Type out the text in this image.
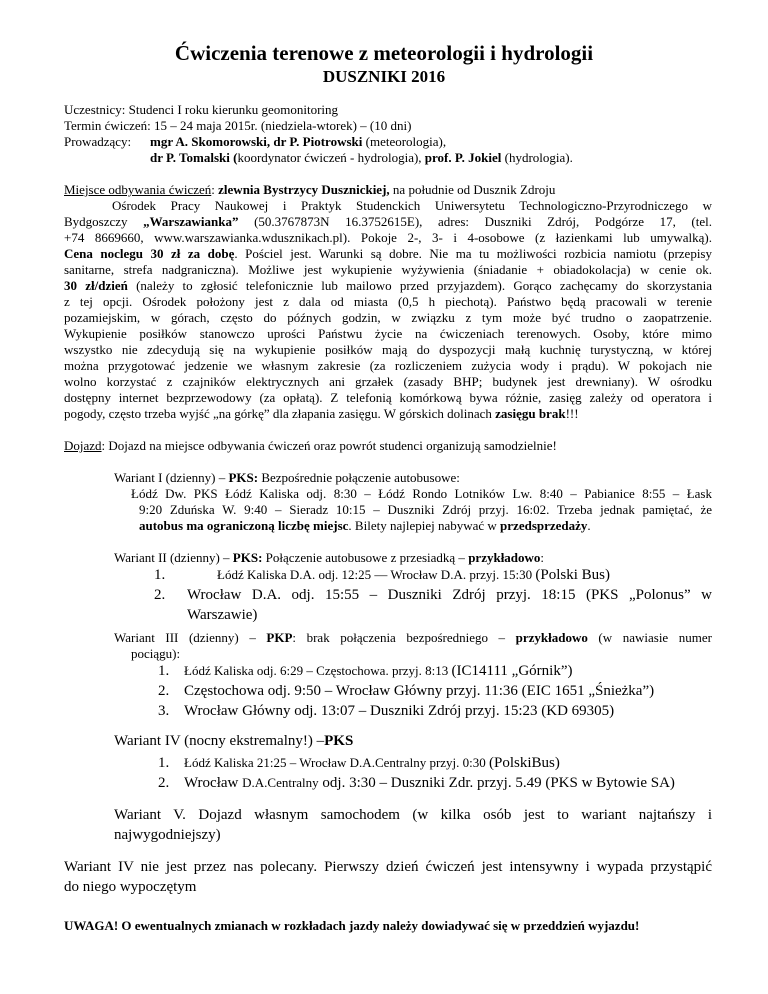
Ćwiczenia terenowe z meteorologii i hydrologii
DUSZNIKI 2016
Uczestnicy: Studenci I roku kierunku geomonitoring
Termin ćwiczeń: 15 – 24 maja 2015r. (niedziela-wtorek) – (10 dni)
Prowadzący: mgr A. Skomorowski, dr P. Piotrowski (meteorologia),
dr P. Tomalski (koordynator ćwiczeń - hydrologia), prof. P. Jokiel (hydrologia).
Miejsce odbywania ćwiczeń: zlewnia Bystrzycy Dusznickiej, na południe od Dusznik Zdroju
Ośrodek Pracy Naukowej i Praktyk Studenckich Uniwersytetu Technologiczno-Przyrodniczego w
Bydgoszczy „Warszawianka” (50.3767873N 16.3752615E), adres: Duszniki Zdrój, Podgórze 17, (tel.
+74 8669660, www.warszawianka.wdusznikach.pl). Pokoje 2-, 3- i 4-osobowe (z łazienkami lub umywalką).
Cena noclegu 30 zł za dobę. Pościel jest. Warunki są dobre. Nie ma tu możliwości rozbicia namiotu (przepisy
sanitarne, strefa nadgraniczna). Możliwe jest wykupienie wyżywienia (śniadanie + obiadokolacja) w cenie ok.
30 zł/dzień (należy to zgłosić telefonicznie lub mailowo przed przyjazdem). Gorąco zachęcamy do skorzystania
z tej opcji. Ośrodek położony jest z dala od miasta (0,5 h piechotą). Państwo będą pracowali w terenie
pozamiejskim, w górach, często do późnych godzin, w związku z tym może być trudno o zaopatrzenie.
Wykupienie posiłków stanowczo uprości Państwu życie na ćwiczeniach terenowych. Osoby, które mimo
wszystko nie zdecydują się na wykupienie posiłków mają do dyspozycji małą kuchnię turystyczną, w której
można przygotować jedzenie we własnym zakresie (za rozliczeniem zużycia wody i prądu). W pokojach nie
wolno korzystać z czajników elektrycznych ani grzałek (zasady BHP; budynek jest drewniany). W ośrodku
dostępny internet bezprzewodowy (za opłatą). Z telefonią komórkową bywa różnie, zasięg zależy od operatora i
pogody, często trzeba wyjść „na górkę” dla złapania zasięgu. W górskich dolinach zasięgu brak!!!
Dojazd: Dojazd na miejsce odbywania ćwiczeń oraz powrót studenci organizują samodzielnie!
Wariant I (dzienny) – PKS: Bezpośrednie połączenie autobusowe:
Łódź Dw. PKS Łódź Kaliska odj. 8:30 – Łódź Rondo Lotników Lw. 8:40 – Pabianice 8:55 – Łask
9:20 Zduńska W. 9:40 – Sieradz 10:15 – Duszniki Zdrój przyj. 16:02. Trzeba jednak pamiętać, że
autobus ma ograniczoną liczbę miejsc. Bilety najlepiej nabywać w przedsprzedaży.
Wariant II (dzienny) – PKS: Połączenie autobusowe z przesiadką – przykładowo:
1.	Łódź Kaliska D.A. odj. 12:25 — Wrocław D.A. przyj. 15:30 (Polski Bus)
2. Wrocław D.A. odj. 15:55 – Duszniki Zdrój przyj. 18:15 (PKS „Polonus” w
Warszawie)
Wariant III (dzienny) – PKP: brak połączenia bezpośredniego – przykładowo (w nawiasie numer
pociągu):
1. Łódź Kaliska odj. 6:29 – Częstochowa. przyj. 8:13 (IC14111 „Górnik”)
2. Częstochowa odj. 9:50 – Wrocław Główny przyj. 11:36 (EIC 1651 „Śnieżka”)
3. Wrocław Główny odj. 13:07 – Duszniki Zdrój przyj. 15:23 (KD 69305)
Wariant IV (nocny ekstremalny!) –PKS
1. Łódź Kaliska 21:25 – Wrocław D.A.Centralny przyj. 0:30 (PolskiBus)
2. Wrocław D.A.Centralny odj. 3:30 – Duszniki Zdr. przyj. 5.49 (PKS w Bytowie SA)
Wariant V. Dojazd własnym samochodem (w kilka osób jest to wariant najtańszy i
najwygodniejszy)
Wariant IV nie jest przez nas polecany. Pierwszy dzień ćwiczeń jest intensywny i wypada przystąpić
do niego wypoczętym
UWAGA! O ewentualnych zmianach w rozkładach jazdy należy dowiadywać się w przeddzień wyjazdu!
